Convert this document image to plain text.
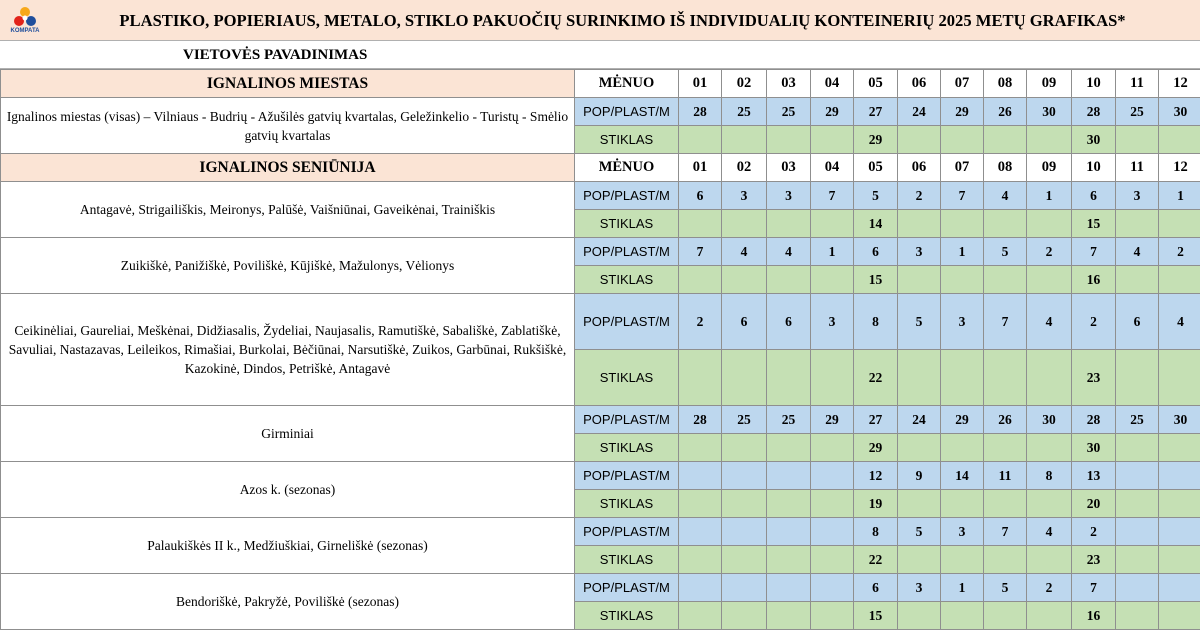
KOMPATA
PLASTIKO, POPIERIAUS, METALO, STIKLO PAKUOČIŲ SURINKIMO IŠ INDIVIDUALIŲ KONTEINERIŲ 2025 METŲ GRAFIKAS*
VIETOVĖS PAVADINIMAS
IGNALINOS MIESTAS	MĖNUO	01	02	03	04	05	06	07	08	09	10	11	12
Ignalinos miestas (visas) – Vilniaus - Budrių - Ažušilės gatvių kvartalas, Geležinkelio - Turistų - Smėlio gatvių kvartalas	POP/PLAST/M	28	25	25	29	27	24	29	26	30	28	25	30
	STIKLAS					29					30		
IGNALINOS SENIŪNIJA	MĖNUO	01	02	03	04	05	06	07	08	09	10	11	12
Antagavė, Strigailiškis, Meironys, Palūšė, Vaišniūnai, Gaveikėnai, Trainiškis	POP/PLAST/M	6	3	3	7	5	2	7	4	1	6	3	1
	STIKLAS					14					15		
Zuikiškė, Panižiškė, Poviliškė, Kūjiškė, Mažulonys, Vėlionys	POP/PLAST/M	7	4	4	1	6	3	1	5	2	7	4	2
	STIKLAS					15					16		
Ceikinėliai, Gaureliai, Meškėnai, Didžiasalis, Žydeliai, Naujasalis, Ramutiškė, Sabališkė, Zablatiškė, Savuliai, Nastazavas, Leileikos, Rimašiai, Burkolai, Bėčiūnai, Narsutiškė, Zuikos, Garbūnai, Rukšiškė, Kazokinė, Dindos, Petriškė, Antagavė	POP/PLAST/M	2	6	6	3	8	5	3	7	4	2	6	4
	STIKLAS					22					23		
Girminiai	POP/PLAST/M	28	25	25	29	27	24	29	26	30	28	25	30
	STIKLAS					29					30		
Azos k. (sezonas)	POP/PLAST/M					12	9	14	11	8	13		
	STIKLAS					19					20		
Palaukiškės II k., Medžiuškiai, Girneliškė (sezonas)	POP/PLAST/M					8	5	3	7	4	2		
	STIKLAS					22					23		
Bendoriškė, Pakryžė, Poviliškė (sezonas)	POP/PLAST/M					6	3	1	5	2	7		
	STIKLAS					15					16		
